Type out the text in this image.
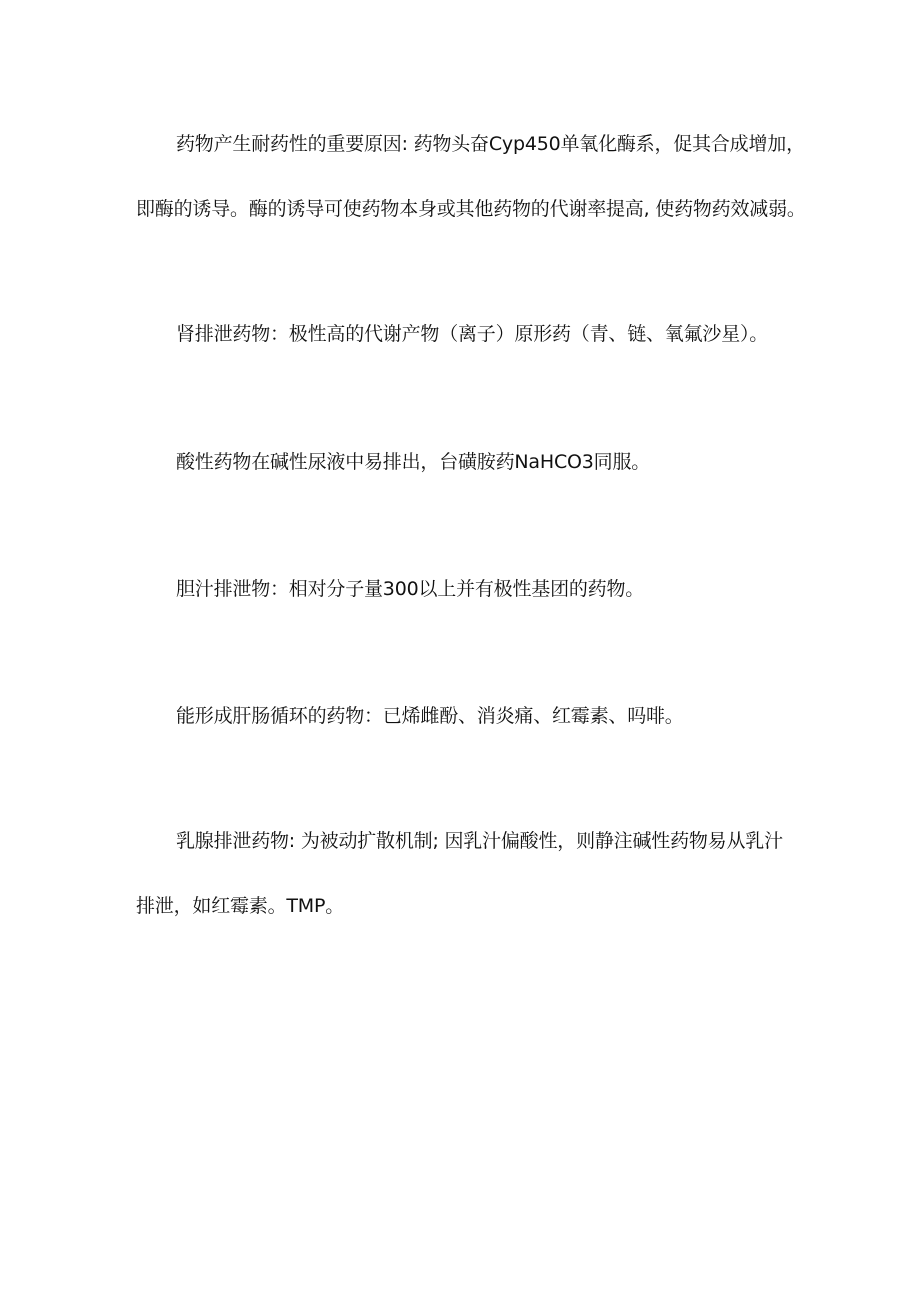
药物产生耐药性的重要原因: 药物头奋Cyp450单氧化酶系，促其合成增加，
即酶的诱导。酶的诱导可使药物本身或其他药物的代谢率提高, 使药物药效减弱。
肾排泄药物：极性高的代谢产物（离子）原形药（青、链、氧氟沙星）。
酸性药物在碱性尿液中易排出，台磺胺药NaHCO3同服。
胆汁排泄物：相对分子量300以上并有极性基团的药物。
能形成肝肠循环的药物：已烯雌酚、消炎痛、红霉素、吗啡。
乳腺排泄药物: 为被动扩散机制; 因乳汁偏酸性，则静注碱性药物易从乳汁
排泄，如红霉素。TMP。
